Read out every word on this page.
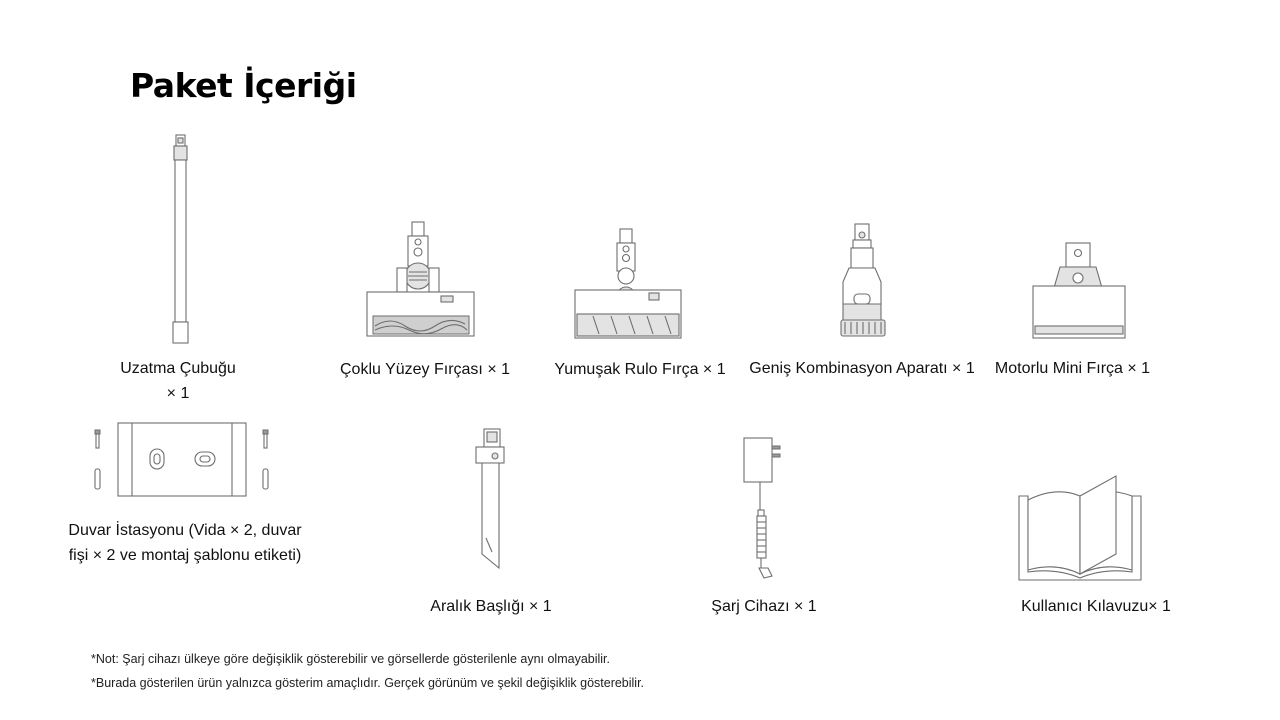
Paket İçeriği
Uzatma Çubuğu
× 1
Çoklu Yüzey Fırçası × 1	Yumuşak Rulo Fırça × 1	Geniş Kombinasyon Aparatı × 1	Motorlu Mini Fırça × 1
Duvar İstasyonu (Vida × 2, duvar
fişi × 2 ve montaj şablonu etiketi)
Aralık Başlığı × 1	Şarj Cihazı × 1	Kullanıcı Kılavuzu× 1
*Not: Şarj cihazı ülkeye göre değişiklik gösterebilir ve görsellerde gösterilenle aynı olmayabilir.
*Burada gösterilen ürün yalnızca gösterim amaçlıdır. Gerçek görünüm ve şekil değişiklik gösterebilir.
